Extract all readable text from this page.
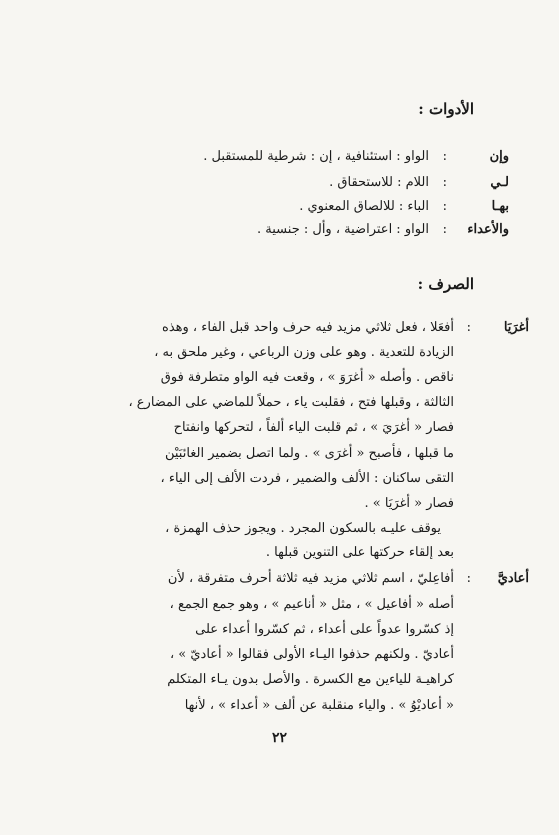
الأدوات :
وإن
:
الواو : استئنافية ، إن : شرطية للمستقبل .
لـي
:
اللام : للاستحقاق .
بهـا
:
الباء : للالصاق المعنوي .
والأعداء
:
الواو : اعتراضية ، وأل : جنسية .
الصرف :
أغرَيَا
:
أفعَلا ، فعل ثلاثي مزيد فيه حرف واحد قبل الفاء ، وهذه
الزيادة للتعدية . وهو على وزن الرباعي ، وغير ملحق به ،
ناقص . وأصله « أغرَوَ » ، وقعت فيه الواو متطرفة فوق
الثالثة ، وقبلها فتح ، فقلبت ياء ، حملاً للماضي على المضارع ،
فصار « أغرَيَ » ، ثم قلبت الياء ألفاً ، لتحركها وانفتاح
ما قبلها ، فأصبح « أغرَى » . ولما اتصل بضمير الغائبَيْن
التقى ساكنان : الألف والضمير ، فردت الألف إلى الياء ،
فصار « أغرَيَا » .
يوقف عليـه بالسكون المجرد . ويجوز حذف الهمزة ،
بعد إلقاء حركتها على التنوين قبلها .
أعاديَّ
:
أفاعِليّ ، اسم ثلاثي مزيد فيه ثلاثة أحرف متفرقة ، لأن
أصله « أفاعيل » ، مثل « أناعيم » ، وهو جمع الجمع ،
إذ كسّروا عدواً على أعداء ، ثم كسّروا أعداء على
أعاديّ . ولكنهم حذفوا اليـاء الأولى فقالوا « أعاديّ » ،
كراهيـة للياءين مع الكسرة . والأصل بدون يـاء المتكلم
« أعاديْوُ » . والياء منقلبة عن ألف « أعداء » ، لأنها
٢٢
